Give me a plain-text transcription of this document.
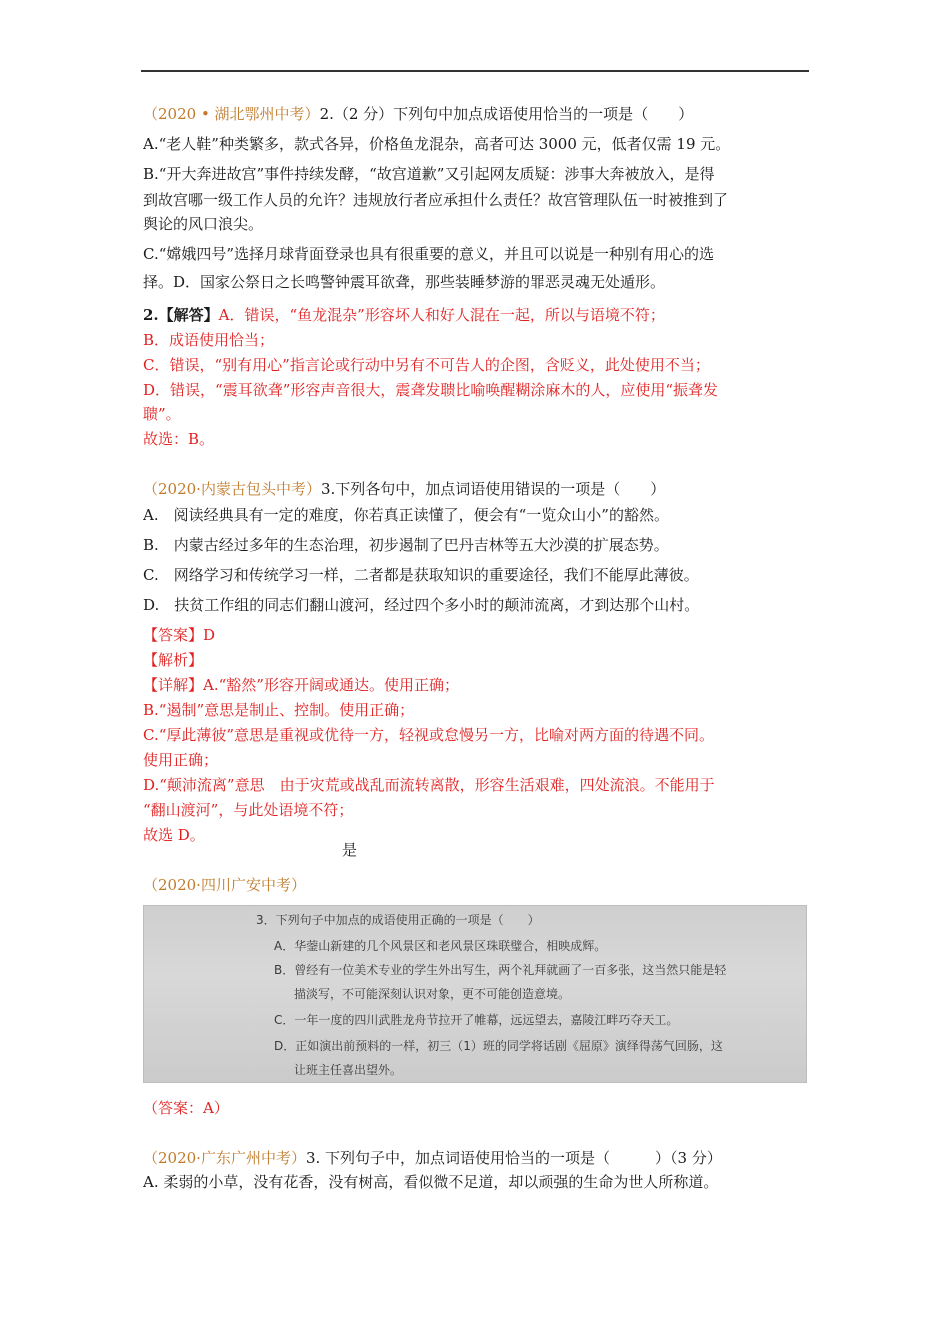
（2020 • 湖北鄂州中考）2.（2 分）下列句中加点成语使用恰当的一项是（　　）
A.“老人鞋”种类繁多，款式各异，价格鱼龙混杂，高者可达 3000 元，低者仅需 19 元。
B.“开大奔进故宫”事件持续发酵，“故宫道歉”又引起网友质疑：涉事大奔被放入，是得
到故宫哪一级工作人员的允许？违规放行者应承担什么责任？故宫管理队伍一时被推到了
舆论的风口浪尖。
C.“嫦娥四号”选择月球背面登录也具有很重要的意义，并且可以说是一种别有用心的选
择。D．国家公祭日之长鸣警钟震耳欲聋，那些装睡梦游的罪恶灵魂无处遁形。
2.【解答】A．错误，“鱼龙混杂”形容坏人和好人混在一起，所以与语境不符；
B．成语使用恰当；
C．错误，“别有用心”指言论或行动中另有不可告人的企图，含贬义，此处使用不当；
D．错误，“震耳欲聋”形容声音很大，震聋发聩比喻唤醒糊涂麻木的人，应使用“振聋发
聩”。
故选：B。
（2020·内蒙古包头中考）3.下列各句中，加点词语使用错误的一项是（　　）
A.　阅读经典具有一定的难度，你若真正读懂了，便会有“一览众山小”的豁然。
B.　内蒙古经过多年的生态治理，初步遏制了巴丹吉林等五大沙漠的扩展态势。
C.　网络学习和传统学习一样，二者都是获取知识的重要途径，我们不能厚此薄彼。
D.　扶贫工作组的同志们翻山渡河，经过四个多小时的颠沛流离，才到达那个山村。
【答案】D
【解析】
【详解】A.“豁然”形容开阔或通达。使用正确；
B.“遏制”意思是制止、控制。使用正确；
C.“厚此薄彼”意思是重视或优待一方，轻视或怠慢另一方，比喻对两方面的待遇不同。
使用正确；
D.“颠沛流离”意思　由于灾荒或战乱而流转离散，形容生活艰难，四处流浪。不能用于
“翻山渡河”，与此处语境不符；
故选 D。
是
（2020·四川广安中考）
3．下列句子中加点的成语使用正确的一项是（　　）
A．华蓥山新建的几个风景区和老风景区珠联璧合，相映成辉。
B．曾经有一位美术专业的学生外出写生，两个礼拜就画了一百多张，这当然只能是轻
描淡写，不可能深刻认识对象，更不可能创造意境。
C．一年一度的四川武胜龙舟节拉开了帷幕，远远望去，嘉陵江畔巧夺天工。
D．正如演出前预料的一样，初三（1）班的同学将话剧《屈原》演绎得荡气回肠，这
让班主任喜出望外。
（答案：A）
（2020·广东广州中考）3. 下列句子中，加点词语使用恰当的一项是（　　　）（3 分）
A. 柔弱的小草，没有花香，没有树高，看似微不足道，却以顽强的生命为世人所称道。
